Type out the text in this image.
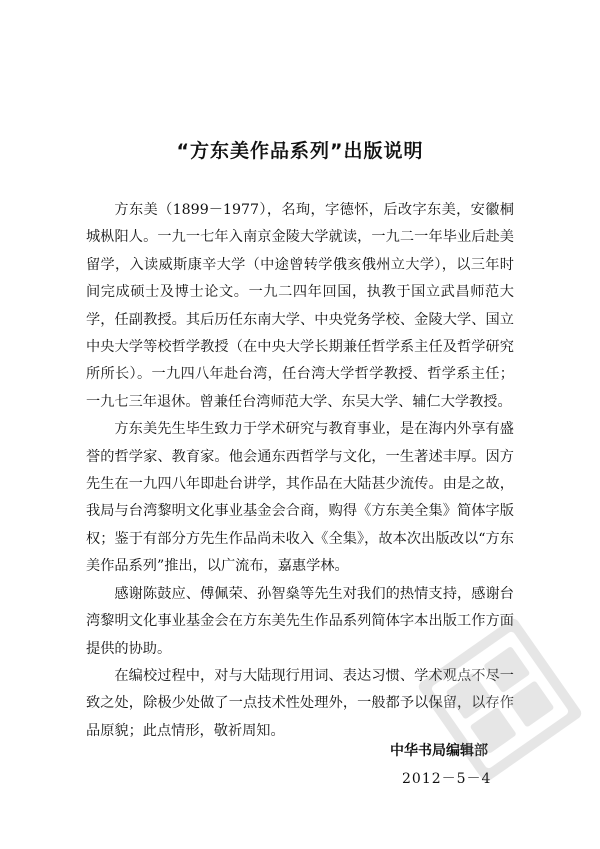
“方东美作品系列”出版说明

方东美（1899－1977），名珣，字德怀，后改字东美，安徽桐城枞阳人。一九一七年入南京金陵大学就读，一九二一年毕业后赴美留学，入读威斯康辛大学（中途曾转学俄亥俄州立大学），以三年时间完成硕士及博士论文。一九二四年回国，执教于国立武昌师范大学，任副教授。其后历任东南大学、中央党务学校、金陵大学、国立中央大学等校哲学教授（在中央大学长期兼任哲学系主任及哲学研究所所长）。一九四八年赴台湾，任台湾大学哲学教授、哲学系主任；一九七三年退休。曾兼任台湾师范大学、东吴大学、辅仁大学教授。

方东美先生毕生致力于学术研究与教育事业，是在海内外享有盛誉的哲学家、教育家。他会通东西哲学与文化，一生著述丰厚。因方先生在一九四八年即赴台讲学，其作品在大陆甚少流传。由是之故，我局与台湾黎明文化事业基金会合商，购得《方东美全集》简体字版权；鉴于有部分方先生作品尚未收入《全集》，故本次出版改以“方东美作品系列”推出，以广流布，嘉惠学林。

感谢陈鼓应、傅佩荣、孙智燊等先生对我们的热情支持，感谢台湾黎明文化事业基金会在方东美先生作品系列简体字本出版工作方面提供的协助。

在编校过程中，对与大陆现行用词、表达习惯、学术观点不尽一致之处，除极少处做了一点技术性处理外，一般都予以保留，以存作品原貌；此点情形，敬祈周知。

中华书局编辑部
2012－5－4
